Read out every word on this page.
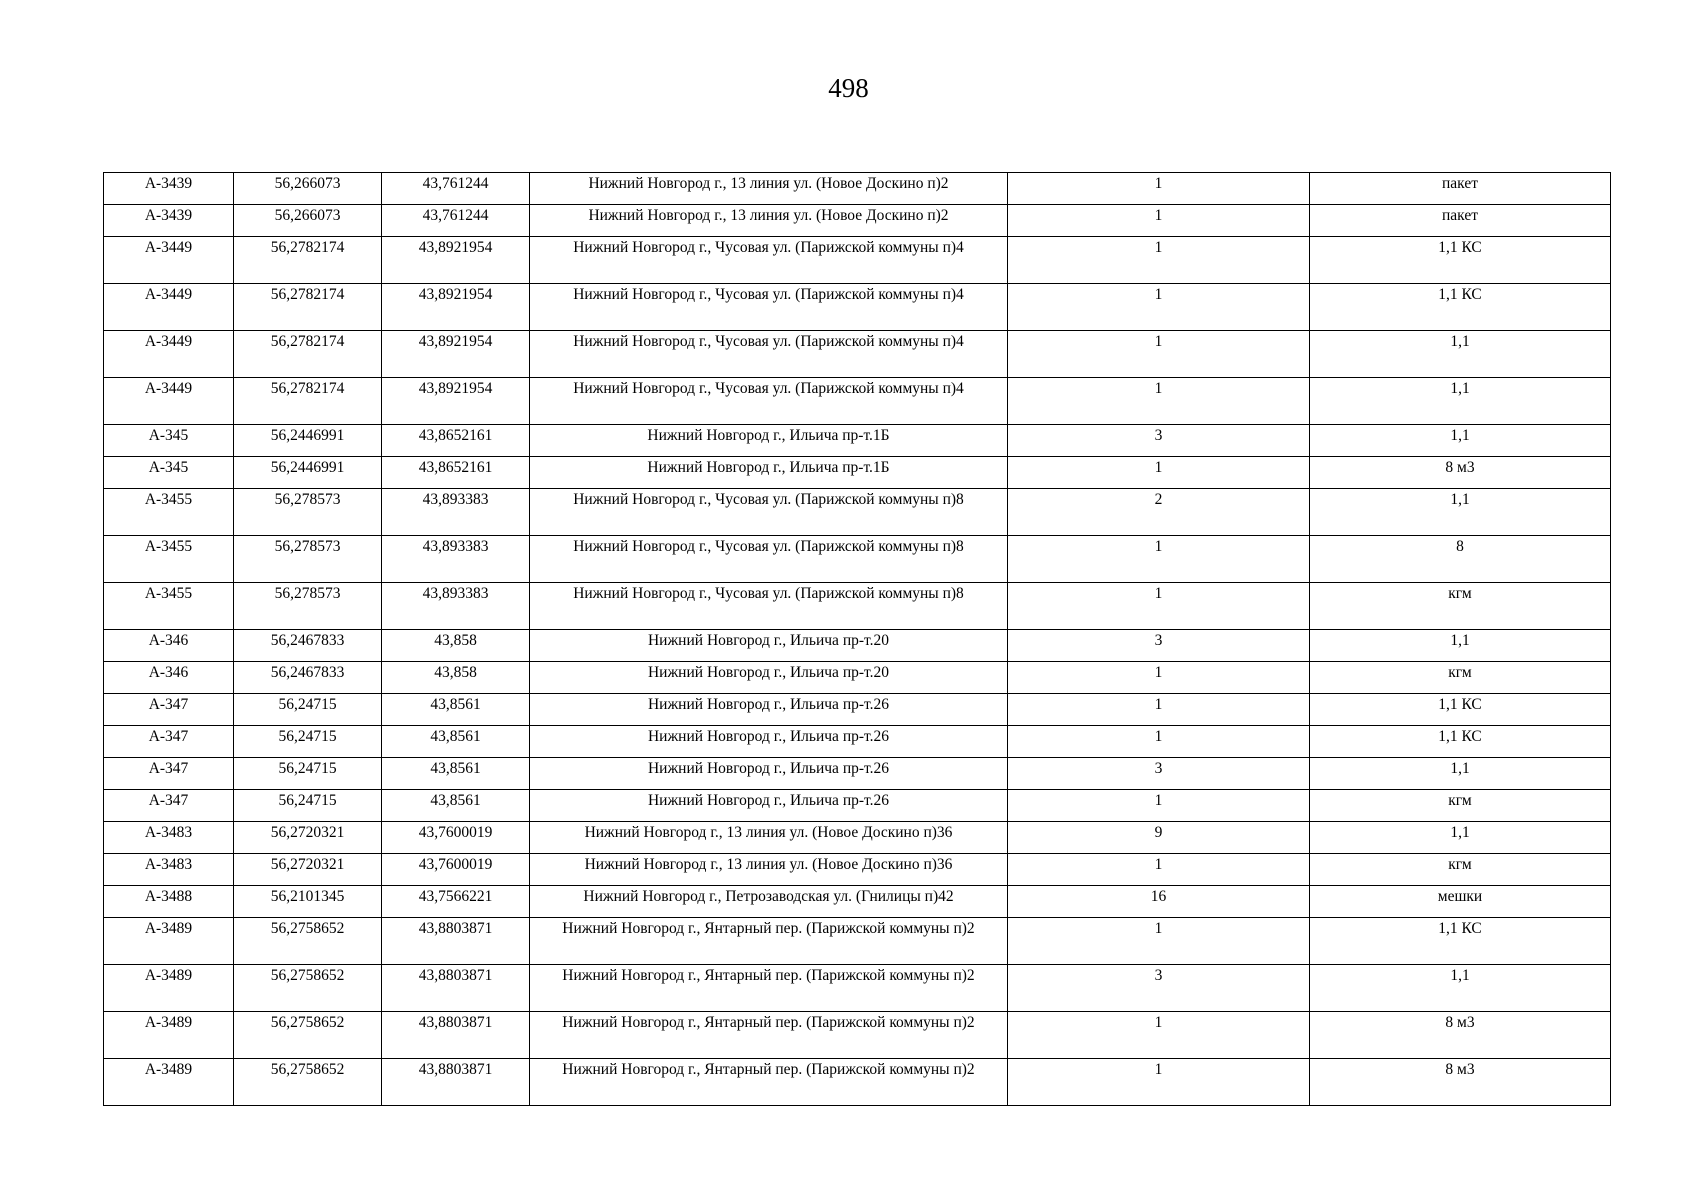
498
А-3439	56,266073	43,761244	Нижний Новгород г., 13 линия ул. (Новое Доскино п)2	1	пакет
А-3439	56,266073	43,761244	Нижний Новгород г., 13 линия ул. (Новое Доскино п)2	1	пакет
А-3449	56,2782174	43,8921954	Нижний Новгород г., Чусовая ул. (Парижской коммуны п)4	1	1,1 КС
А-3449	56,2782174	43,8921954	Нижний Новгород г., Чусовая ул. (Парижской коммуны п)4	1	1,1 КС
А-3449	56,2782174	43,8921954	Нижний Новгород г., Чусовая ул. (Парижской коммуны п)4	1	1,1
А-3449	56,2782174	43,8921954	Нижний Новгород г., Чусовая ул. (Парижской коммуны п)4	1	1,1
А-345	56,2446991	43,8652161	Нижний Новгород г., Ильича пр-т.1Б	3	1,1
А-345	56,2446991	43,8652161	Нижний Новгород г., Ильича пр-т.1Б	1	8 м3
А-3455	56,278573	43,893383	Нижний Новгород г., Чусовая ул. (Парижской коммуны п)8	2	1,1
А-3455	56,278573	43,893383	Нижний Новгород г., Чусовая ул. (Парижской коммуны п)8	1	8
А-3455	56,278573	43,893383	Нижний Новгород г., Чусовая ул. (Парижской коммуны п)8	1	кгм
А-346	56,2467833	43,858	Нижний Новгород г., Ильича пр-т.20	3	1,1
А-346	56,2467833	43,858	Нижний Новгород г., Ильича пр-т.20	1	кгм
А-347	56,24715	43,8561	Нижний Новгород г., Ильича пр-т.26	1	1,1 КС
А-347	56,24715	43,8561	Нижний Новгород г., Ильича пр-т.26	1	1,1 КС
А-347	56,24715	43,8561	Нижний Новгород г., Ильича пр-т.26	3	1,1
А-347	56,24715	43,8561	Нижний Новгород г., Ильича пр-т.26	1	кгм
А-3483	56,2720321	43,7600019	Нижний Новгород г., 13 линия ул. (Новое Доскино п)36	9	1,1
А-3483	56,2720321	43,7600019	Нижний Новгород г., 13 линия ул. (Новое Доскино п)36	1	кгм
А-3488	56,2101345	43,7566221	Нижний Новгород г., Петрозаводская ул. (Гнилицы п)42	16	мешки
А-3489	56,2758652	43,8803871	Нижний Новгород г., Янтарный пер. (Парижской коммуны п)2	1	1,1 КС
А-3489	56,2758652	43,8803871	Нижний Новгород г., Янтарный пер. (Парижской коммуны п)2	3	1,1
А-3489	56,2758652	43,8803871	Нижний Новгород г., Янтарный пер. (Парижской коммуны п)2	1	8 м3
А-3489	56,2758652	43,8803871	Нижний Новгород г., Янтарный пер. (Парижской коммуны п)2	1	8 м3
